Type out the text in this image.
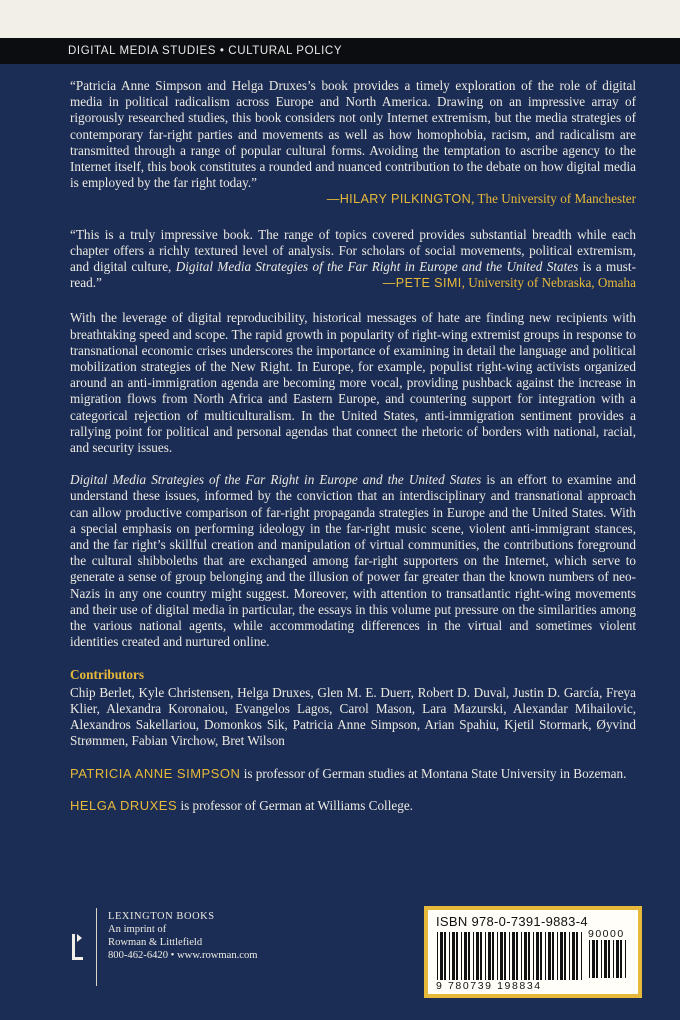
DIGITAL MEDIA STUDIES • CULTURAL POLICY

“Patricia Anne Simpson and Helga Druxes’s book provides a timely exploration of the role of digital media in political radicalism across Europe and North America. Drawing on an impressive array of rigorously researched studies, this book considers not only Internet extremism, but the media strategies of contemporary far-right parties and movements as well as how homophobia, racism, and radicalism are transmitted through a range of popular cultural forms. Avoiding the temptation to ascribe agency to the Internet itself, this book constitutes a rounded and nuanced contribution to the debate on how digital media is employed by the far right today.”

—HILARY PILKINGTON, The University of Manchester

“This is a truly impressive book. The range of topics covered provides substantial breadth while each chapter offers a richly textured level of analysis. For scholars of social movements, political extremism, and digital culture, Digital Media Strategies of the Far Right in Europe and the United States is a must-read.”	—PETE SIMI, University of Nebraska, Omaha

With the leverage of digital reproducibility, historical messages of hate are finding new recipients with breathtaking speed and scope. The rapid growth in popularity of right-wing extremist groups in response to transnational economic crises underscores the importance of examining in detail the language and political mobilization strategies of the New Right. In Europe, for example, populist right-wing activists organized around an anti-immigration agenda are becoming more vocal, providing pushback against the increase in migration flows from North Africa and Eastern Europe, and countering support for integration with a categorical rejection of multiculturalism. In the United States, anti-immigration sentiment provides a rallying point for political and personal agendas that connect the rhetoric of borders with national, racial, and security issues.

Digital Media Strategies of the Far Right in Europe and the United States is an effort to examine and understand these issues, informed by the conviction that an interdisciplinary and transnational approach can allow productive comparison of far-right propaganda strategies in Europe and the United States. With a special emphasis on performing ideology in the far-right music scene, violent anti-immigrant stances, and the far right’s skillful creation and manipulation of virtual communities, the contributions foreground the cultural shibboleths that are exchanged among far-right supporters on the Internet, which serve to generate a sense of group belonging and the illusion of power far greater than the known numbers of neo-Nazis in any one country might suggest. Moreover, with attention to transatlantic right-wing movements and their use of digital media in particular, the essays in this volume put pressure on the similarities among the various national agents, while accommodating differences in the virtual and sometimes violent identities created and nurtured online.

Contributors

Chip Berlet, Kyle Christensen, Helga Druxes, Glen M. E. Duerr, Robert D. Duval, Justin D. García, Freya Klier, Alexandra Koronaiou, Evangelos Lagos, Carol Mason, Lara Mazurski, Alexandar Mihailovic, Alexandros Sakellariou, Domonkos Sik, Patricia Anne Simpson, Arian Spahiu, Kjetil Stormark, Øyvind Strømmen, Fabian Virchow, Bret Wilson

PATRICIA ANNE SIMPSON is professor of German studies at Montana State University in Bozeman.

HELGA DRUXES is professor of German at Williams College.

LEXINGTON BOOKS
An imprint of
Rowman & Littlefield
800-462-6420 • www.rowman.com
ISBN 978-0-7391-9883-4
90000
9 780739 198834
